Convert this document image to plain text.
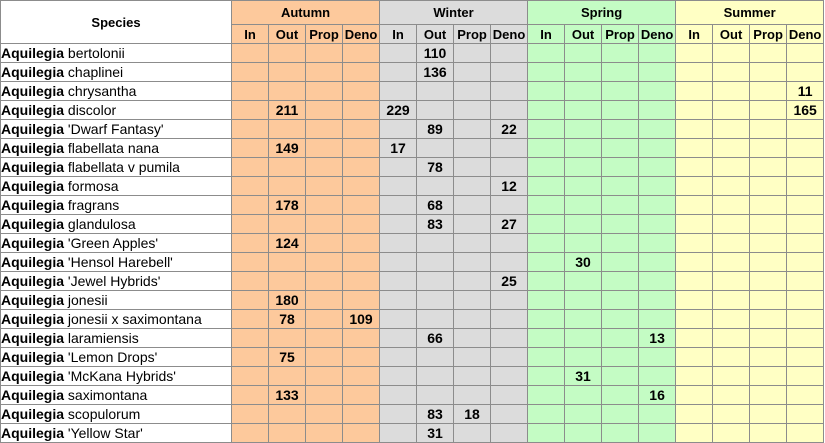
Species	Autumn				Winter				Spring				Summer			
	In	Out	Prop	Deno	In	Out	Prop	Deno	In	Out	Prop	Deno	In	Out	Prop	Deno
Aquilegia bertolonii						110										
Aquilegia chaplinei						136										
Aquilegia chrysantha																11
Aquilegia discolor		211			229											165
Aquilegia 'Dwarf Fantasy'						89		22								
Aquilegia flabellata nana		149			17											
Aquilegia flabellata v pumila						78										
Aquilegia formosa								12								
Aquilegia fragrans		178				68										
Aquilegia glandulosa						83		27								
Aquilegia 'Green Apples'		124														
Aquilegia 'Hensol Harebell'										30						
Aquilegia 'Jewel Hybrids'								25								
Aquilegia jonesii		180														
Aquilegia jonesii x saximontana		78		109												
Aquilegia laramiensis						66						13				
Aquilegia 'Lemon Drops'		75														
Aquilegia 'McKana Hybrids'										31						
Aquilegia saximontana		133										16				
Aquilegia scopulorum						83	18									
Aquilegia 'Yellow Star'						31										
